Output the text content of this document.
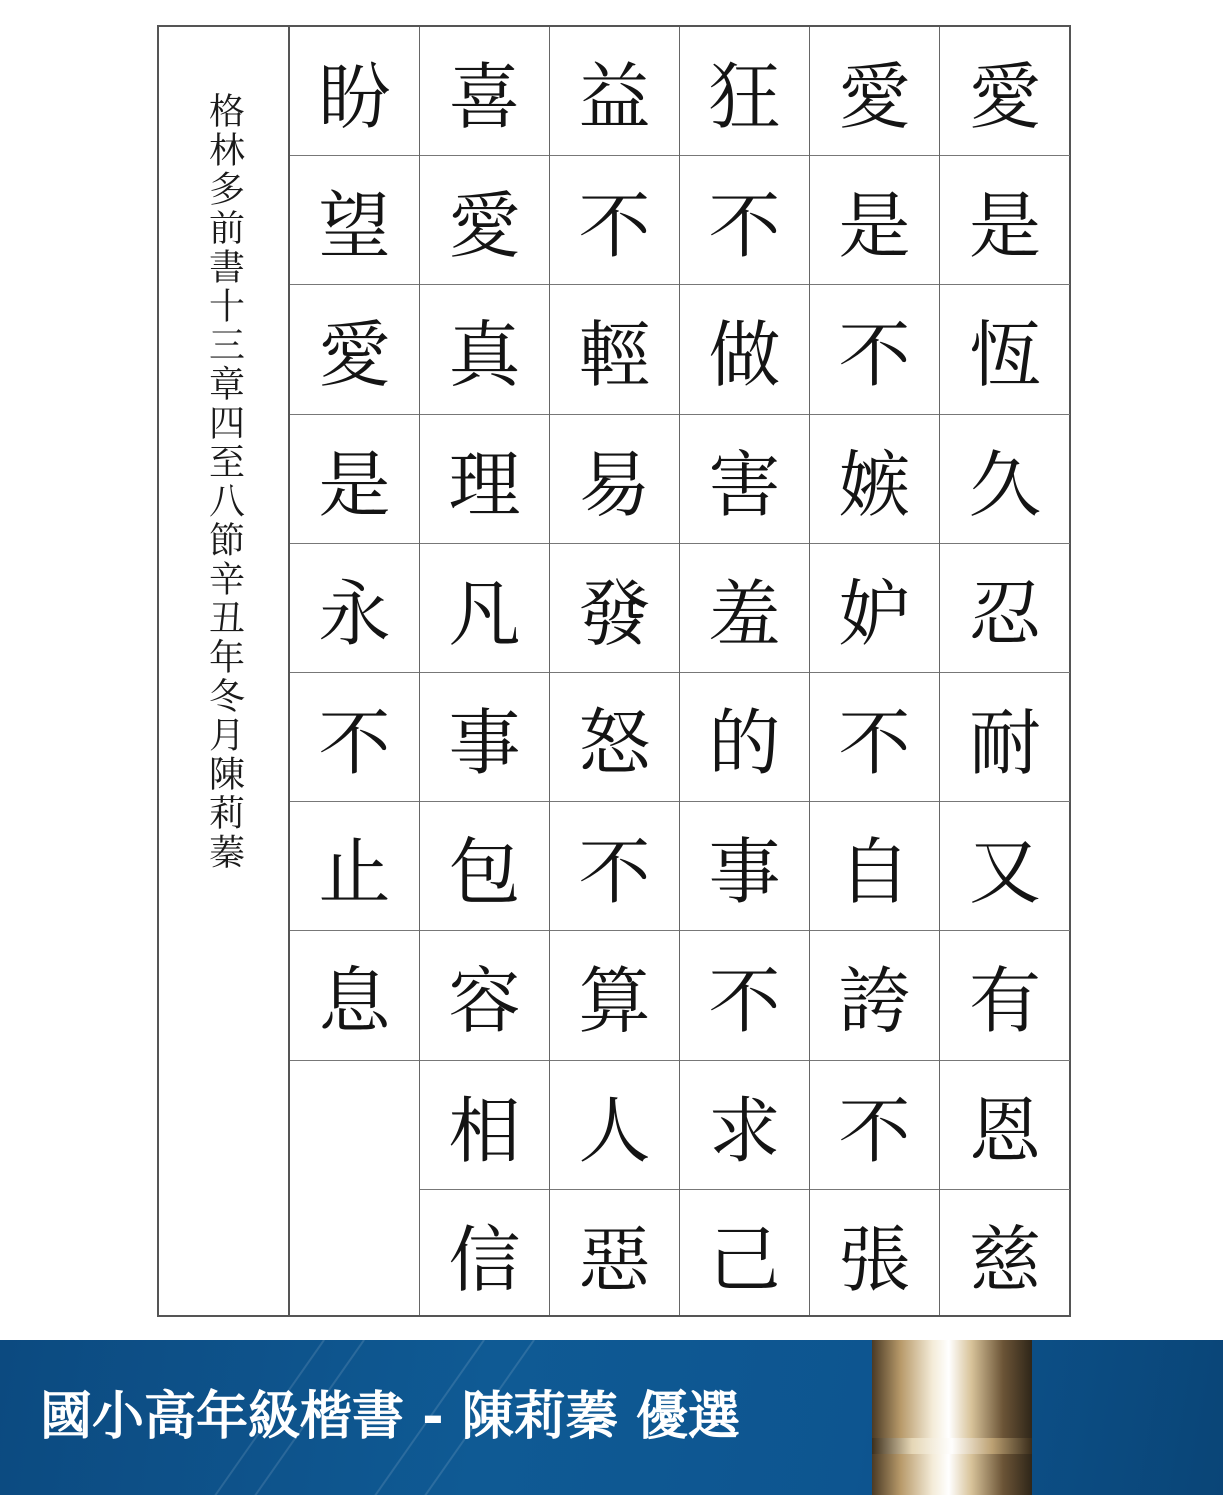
格林多前書十三章四至八節辛丑年冬月陳莉蓁	盼
望
愛
是
永
不
止
息
喜
愛
真
理
凡
事
包
容
相
信
益
不
輕
易
發
怒
不
算
人
惡
狂
不
做
害
羞
的
事
不
求
己
愛
是
不
嫉
妒
不
自
誇
不
張
愛
是
恆
久
忍
耐
又
有
恩
慈
國小高年級楷書 - 陳莉蓁 優選
